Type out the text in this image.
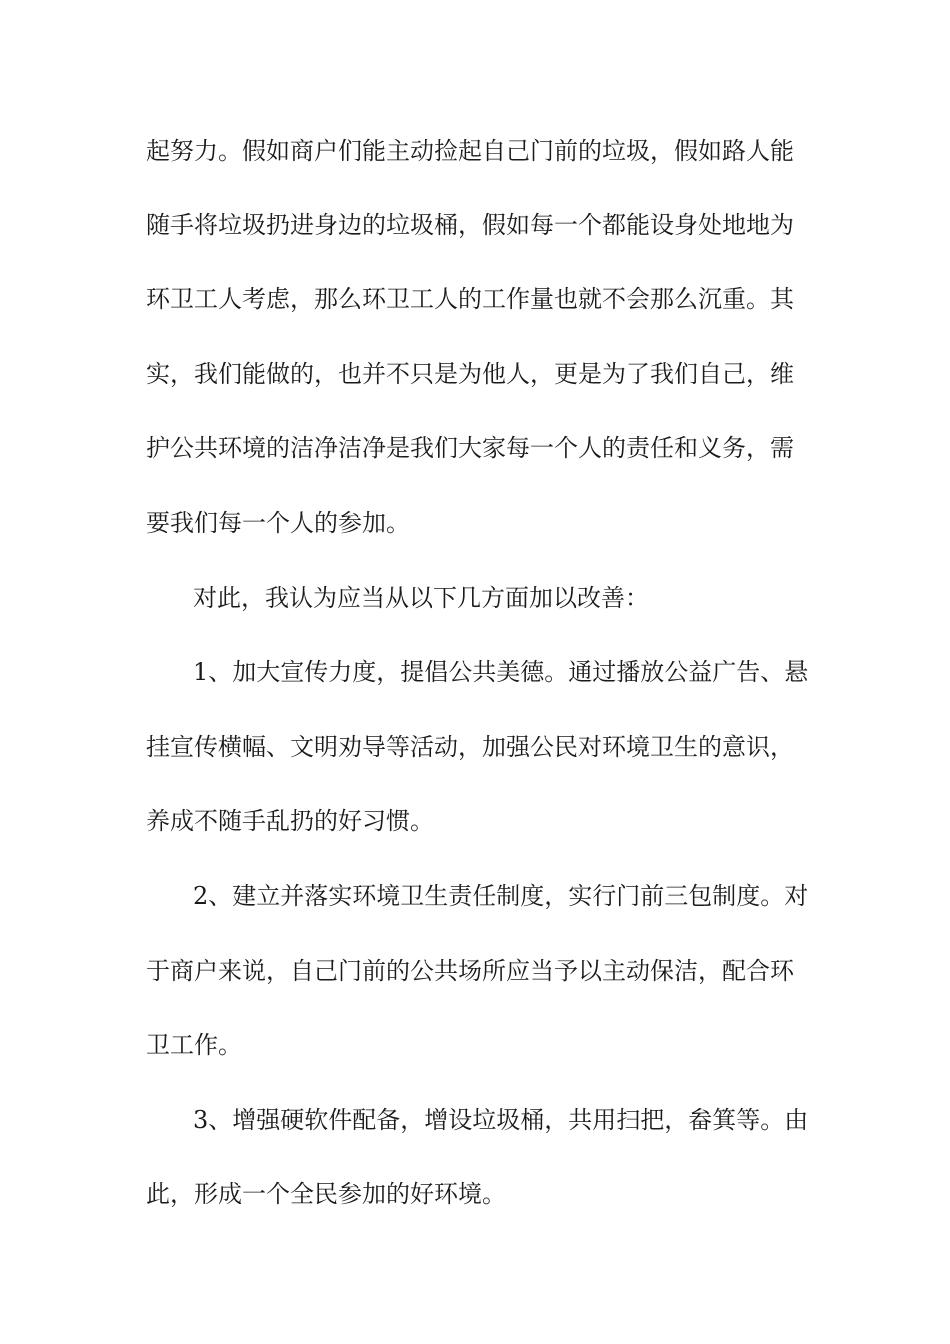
起努力。假如商户们能主动捡起自己门前的垃圾，假如路人能
随手将垃圾扔进身边的垃圾桶，假如每一个都能设身处地地为
环卫工人考虑，那么环卫工人的工作量也就不会那么沉重。其
实，我们能做的，也并不只是为他人，更是为了我们自己，维
护公共环境的洁净洁净是我们大家每一个人的责任和义务，需
要我们每一个人的参加。
对此，我认为应当从以下几方面加以改善：
1、加大宣传力度，提倡公共美德。通过播放公益广告、悬
挂宣传横幅、文明劝导等活动，加强公民对环境卫生的意识，
养成不随手乱扔的好习惯。
2、建立并落实环境卫生责任制度，实行门前三包制度。对
于商户来说，自己门前的公共场所应当予以主动保洁，配合环
卫工作。
3、增强硬软件配备，增设垃圾桶，共用扫把，畚箕等。由
此，形成一个全民参加的好环境。
